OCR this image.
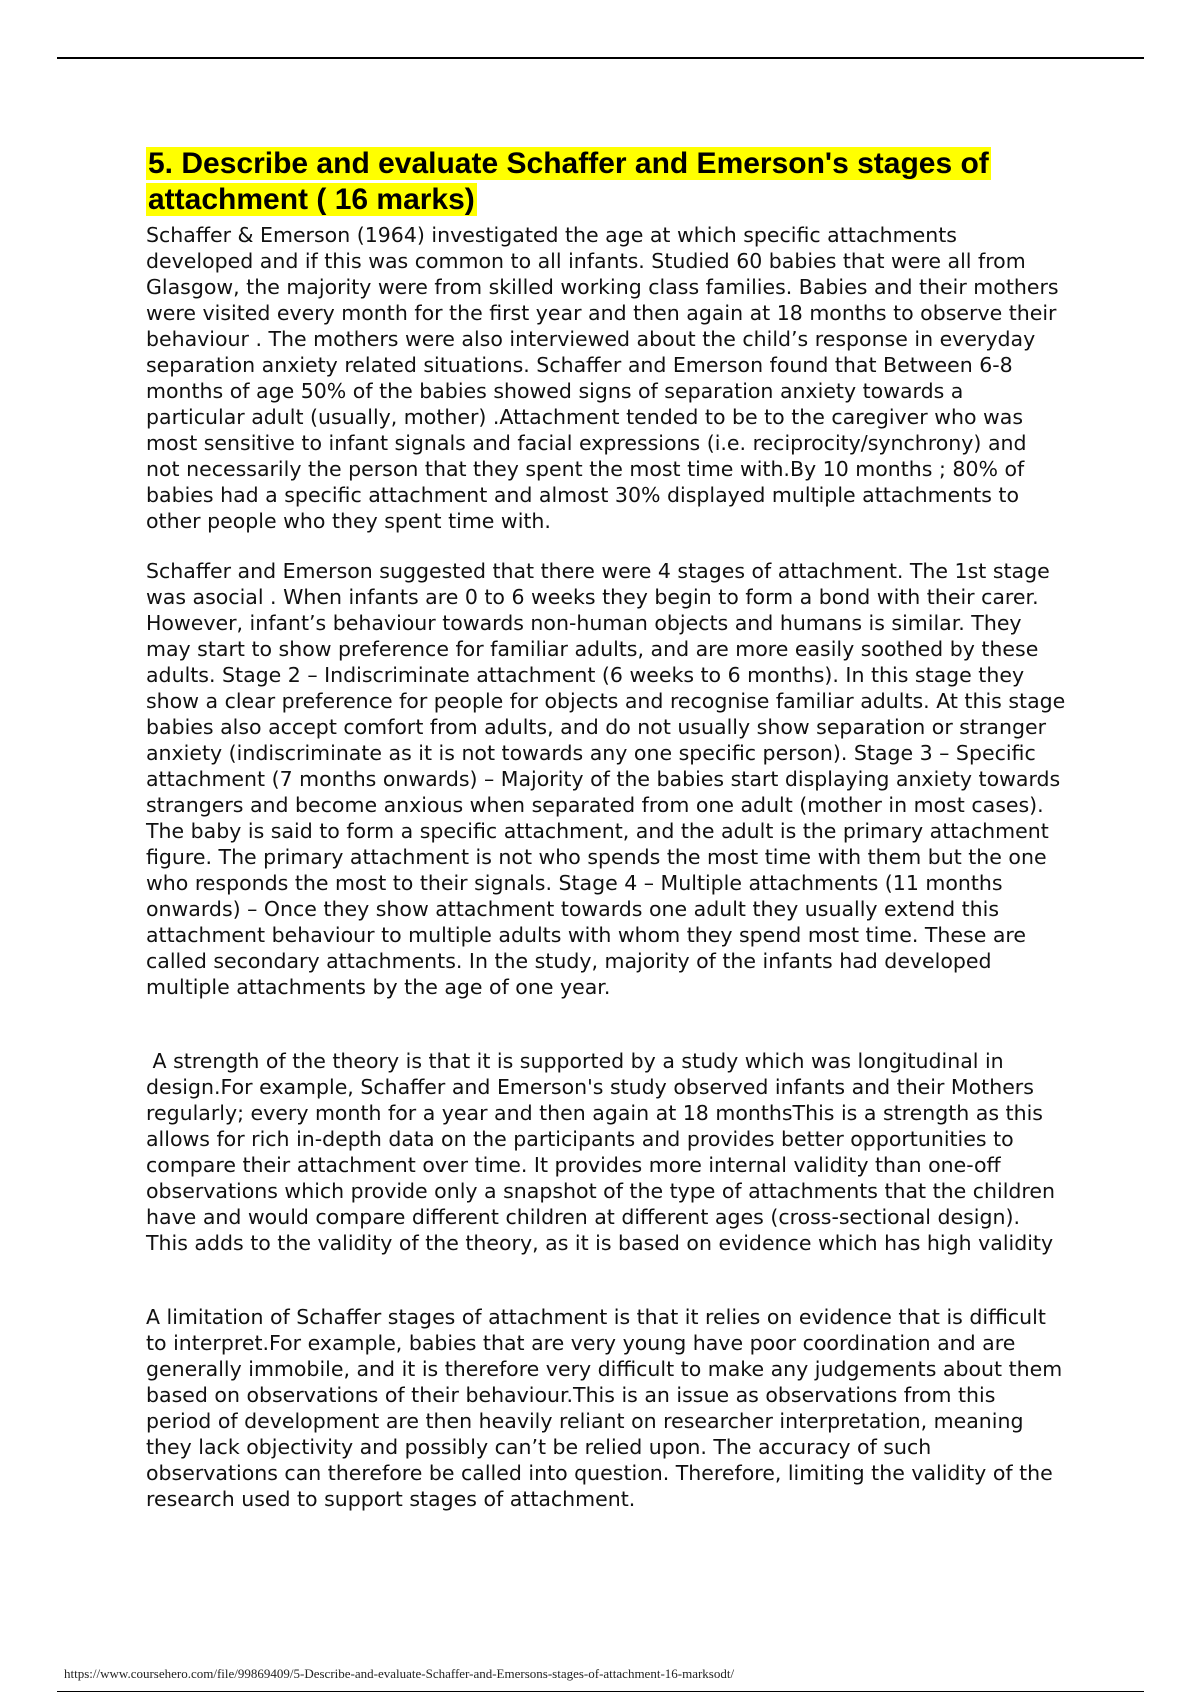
5. Describe and evaluate Schaffer and Emerson's stages of attachment ( 16 marks)

Schaffer & Emerson (1964) investigated the age at which specific attachments developed and if this was common to all infants. Studied 60 babies that were all from Glasgow, the majority were from skilled working class families. Babies and their mothers were visited every month for the first year and then again at 18 months to observe their behaviour . The mothers were also interviewed about the child’s response in everyday separation anxiety related situations. Schaffer and Emerson found that Between 6-8 months of age 50% of the babies showed signs of separation anxiety towards a particular adult (usually, mother) .Attachment tended to be to the caregiver who was most sensitive to infant signals and facial expressions (i.e. reciprocity/synchrony) and not necessarily the person that they spent the most time with.By 10 months ; 80% of babies had a specific attachment and almost 30% displayed multiple attachments to other people who they spent time with.

Schaffer and Emerson suggested that there were 4 stages of attachment. The 1st stage was asocial . When infants are 0 to 6 weeks they begin to form a bond with their carer. However, infant’s behaviour towards non-human objects and humans is similar. They may start to show preference for familiar adults, and are more easily soothed by these adults. Stage 2 – Indiscriminate attachment (6 weeks to 6 months). In this stage they show a clear preference for people for objects and recognise familiar adults. At this stage babies also accept comfort from adults, and do not usually show separation or stranger anxiety (indiscriminate as it is not towards any one specific person). Stage 3 – Specific attachment (7 months onwards) – Majority of the babies start displaying anxiety towards strangers and become anxious when separated from one adult (mother in most cases). The baby is said to form a specific attachment, and the adult is the primary attachment figure. The primary attachment is not who spends the most time with them but the one who responds the most to their signals. Stage 4 – Multiple attachments (11 months onwards) – Once they show attachment towards one adult they usually extend this attachment behaviour to multiple adults with whom they spend most time. These are called secondary attachments. In the study, majority of the infants had developed multiple attachments by the age of one year.

A strength of the theory is that it is supported by a study which was longitudinal in design.For example, Schaffer and Emerson's study observed infants and their Mothers regularly; every month for a year and then again at 18 monthsThis is a strength as this allows for rich in-depth data on the participants and provides better opportunities to compare their attachment over time. It provides more internal validity than one-off observations which provide only a snapshot of the type of attachments that the children have and would compare different children at different ages (cross-sectional design).  This adds to the validity of the theory, as it is based on evidence which has high validity

A limitation of Schaffer stages of attachment is that it relies on evidence that is difficult to interpret.For example, babies that are very young have poor coordination and are generally immobile, and it is therefore very difficult to make any judgements about them based on observations of their behaviour.This is an issue as observations from this period of development are then heavily reliant on researcher interpretation, meaning they lack objectivity and possibly can’t be relied upon. The accuracy of such observations can therefore be called into question. Therefore, limiting the validity of the research used to support stages of attachment.

https://www.coursehero.com/file/99869409/5-Describe-and-evaluate-Schaffer-and-Emersons-stages-of-attachment-16-marksodt/
